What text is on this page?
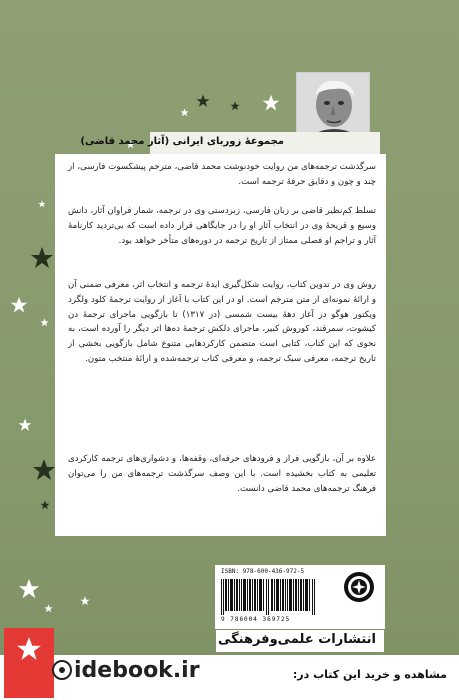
مجموعهٔ زوربای ایرانی (آثار محمد قاضی)
سرگذشت ترجمه‌های من روایت خودنوشت محمد قاضی، مترجم پیشکسوت فارسی، از چند و چون و دقایق حرفهٔ ترجمه است.
تسلط کم‌نظیر قاضی بر زبان فارسی، زبردستی وی در ترجمه، شمار فراوان آثار، دانش وسیع و قریحهٔ وی در انتخاب آثار او را در جایگاهی قرار داده است که بی‌تردید کارنامهٔ آثار و تراجم او فصلی ممتاز از تاریخ ترجمه در دوره‌های متأخر خواهد بود.
روش وی در تدوین کتاب، روایت شکل‌گیری ایدهٔ ترجمه و انتخاب اثر، معرفی ضمنی آن و ارائهٔ نمونه‌ای از متن مترجم است. او در این کتاب با آغاز از روایت ترجمهٔ کلود ولگرد ویکتور هوگو در آغاز دههٔ بیست شمسی (در ۱۳۱۷) تا بازگویی ماجرای ترجمهٔ دن کیشوت، سمرقند، کوروش کبیر، ماجرای دلکش ترجمهٔ ده‌ها اثر دیگر را آورده است، به نحوی که این کتاب، کتابی است متضمن کارکردهایی متنوع شامل بازگویی بخشی از تاریخ ترجمه، معرفی سبک ترجمه، و معرفی کتاب ترجمه‌شده و ارائهٔ منتخب متون.
علاوه بر آن، بازگویی فراز و فرودهای حرفه‌ای، وقفه‌ها، و دشواری‌های ترجمه کارکردی تعلیمی به کتاب بخشیده است. با این وصف سرگذشت ترجمه‌های من را می‌توان فرهنگ ترجمه‌های محمد قاضی دانست.
ISBN: 978-600-436-972-5
9 786004 369725
انتشارات علمی‌وفرهنگی
idebook.ir	مشاهده و خرید این کتاب در:
